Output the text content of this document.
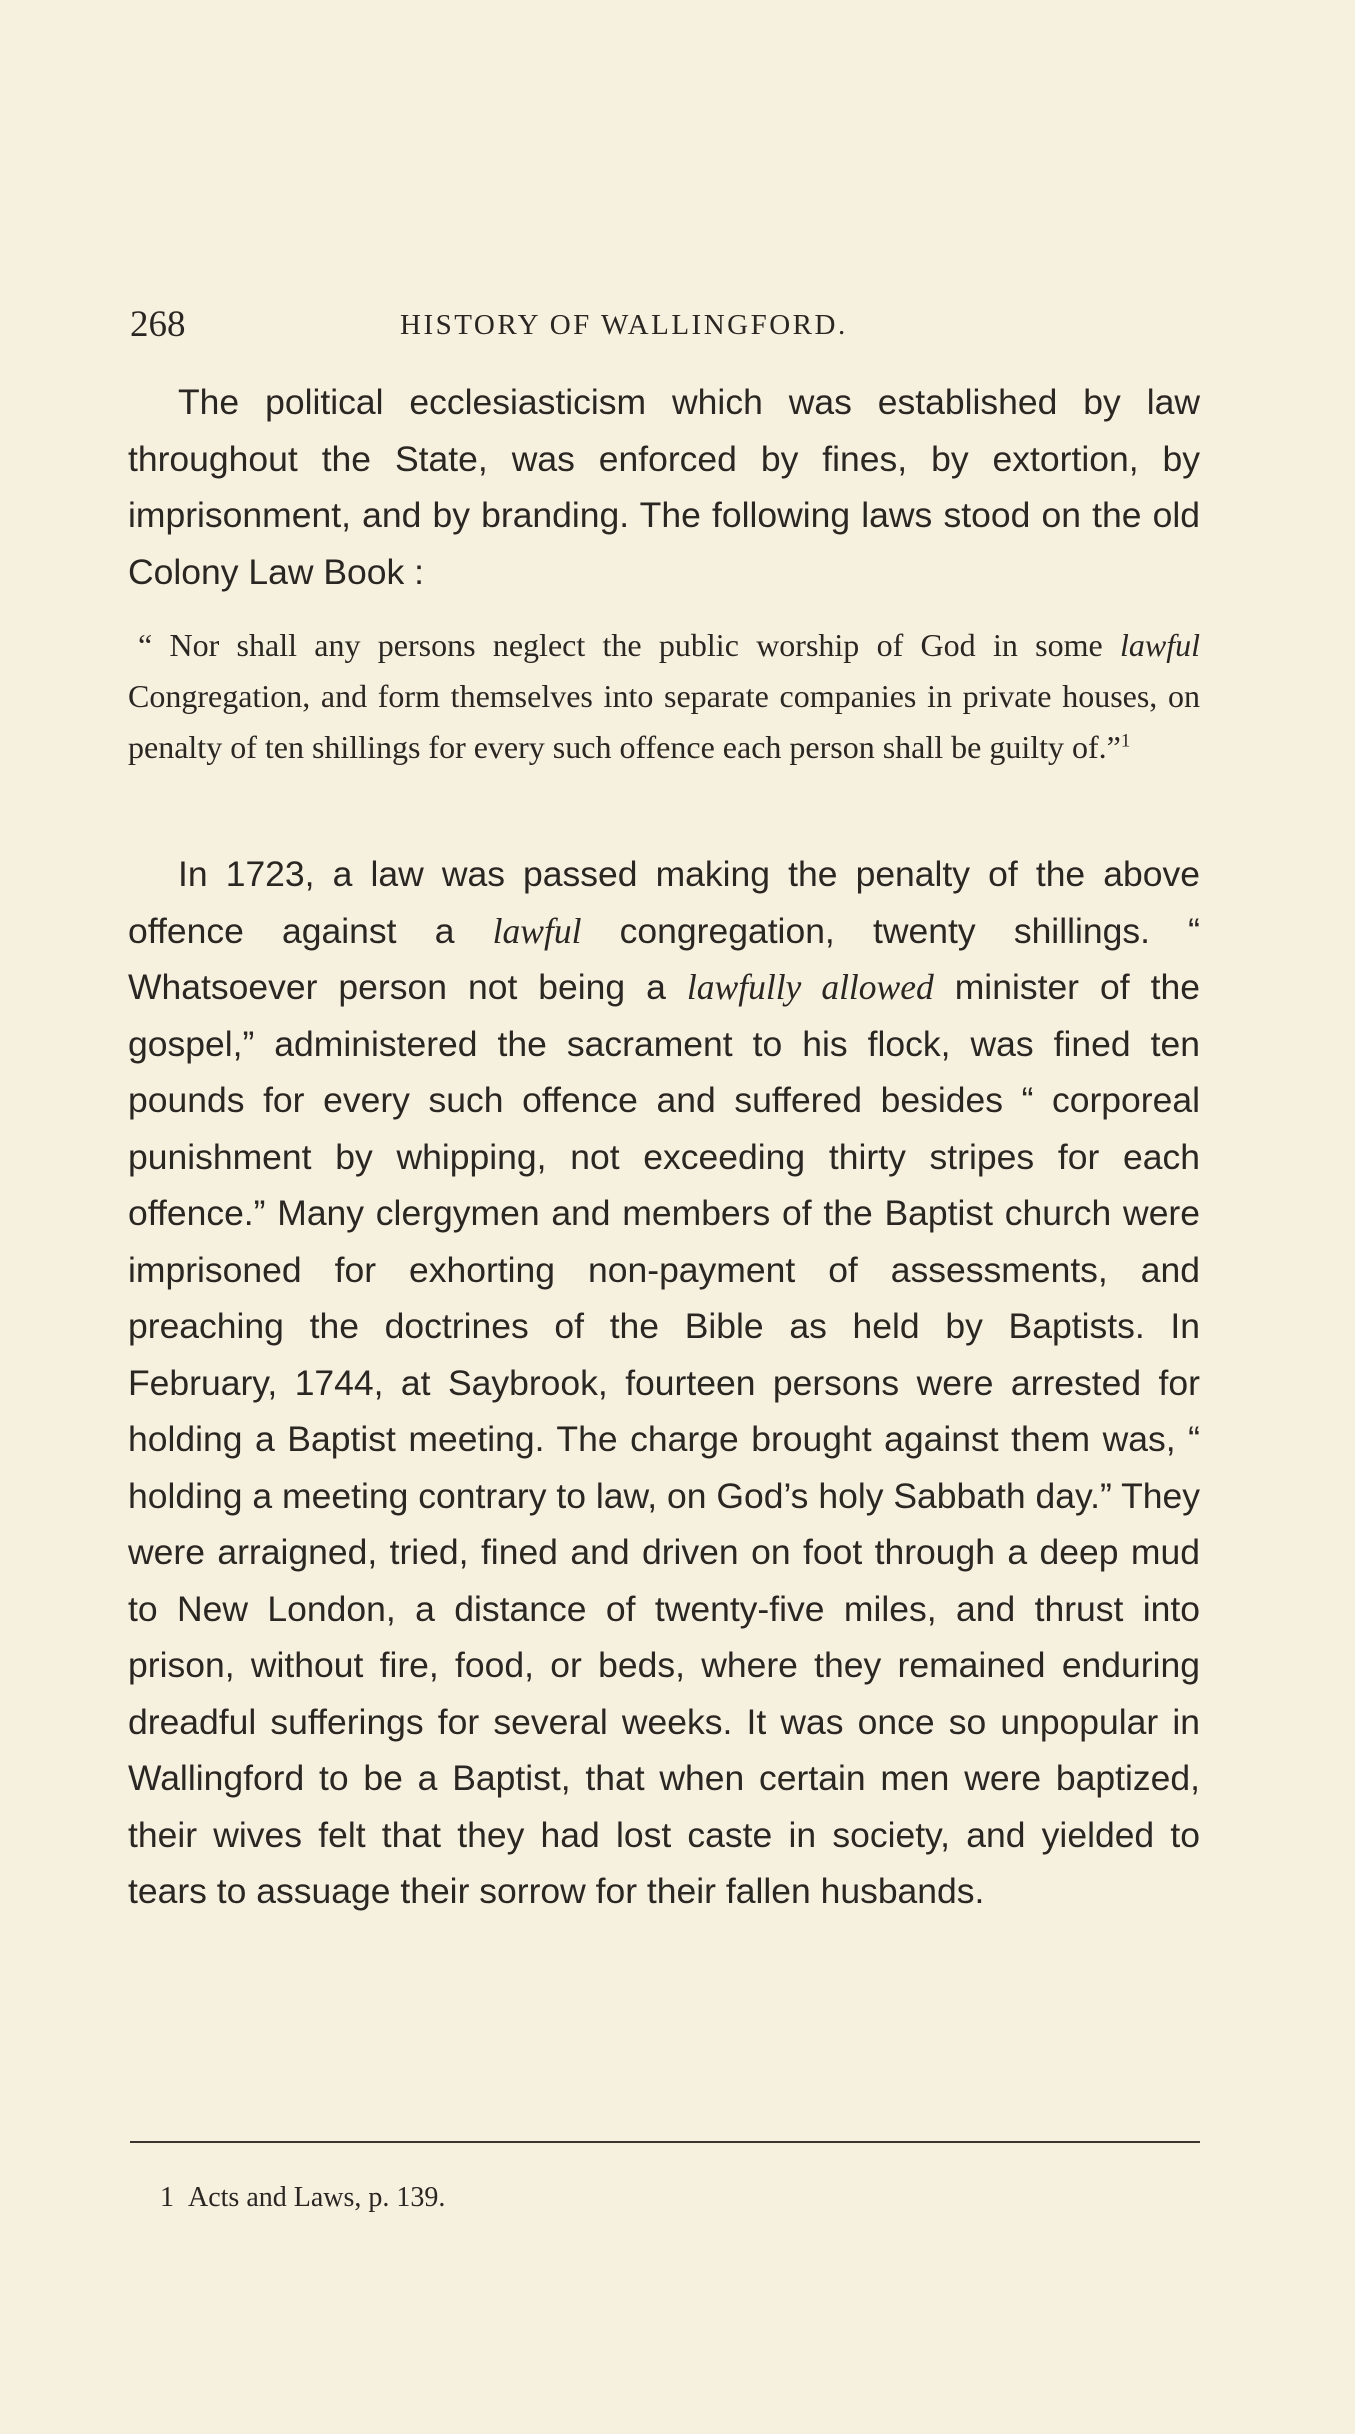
268	HISTORY OF WALLINGFORD.

The political ecclesiasticism which was established by law throughout the State, was enforced by fines, by extortion, by imprisonment, and by branding. The following laws stood on the old Colony Law Book :

“ Nor shall any persons neglect the public worship of God in some lawful Congregation, and form themselves into separate companies in private houses, on penalty of ten shillings for every such offence each person shall be guilty of.”$^1$

In 1723, a law was passed making the penalty of the above offence against a lawful congregation, twenty shillings. “ Whatsoever person not being a lawfully allowed minister of the gospel,” administered the sacrament to his flock, was fined ten pounds for every such offence and suffered besides “ corporeal punishment by whipping, not exceeding thirty stripes for each offence.” Many clergymen and members of the Baptist church were imprisoned for exhorting non-payment of assessments, and preaching the doctrines of the Bible as held by Baptists. In February, 1744, at Saybrook, fourteen persons were arrested for holding a Baptist meeting. The charge brought against them was, “ holding a meeting contrary to law, on God’s holy Sabbath day.” They were arraigned, tried, fined and driven on foot through a deep mud to New London, a distance of twenty-five miles, and thrust into prison, without fire, food, or beds, where they remained enduring dreadful sufferings for several weeks. It was once so unpopular in Wallingford to be a Baptist, that when certain men were baptized, their wives felt that they had lost caste in society, and yielded to tears to assuage their sorrow for their fallen husbands.

1 Acts and Laws, p. 139.
